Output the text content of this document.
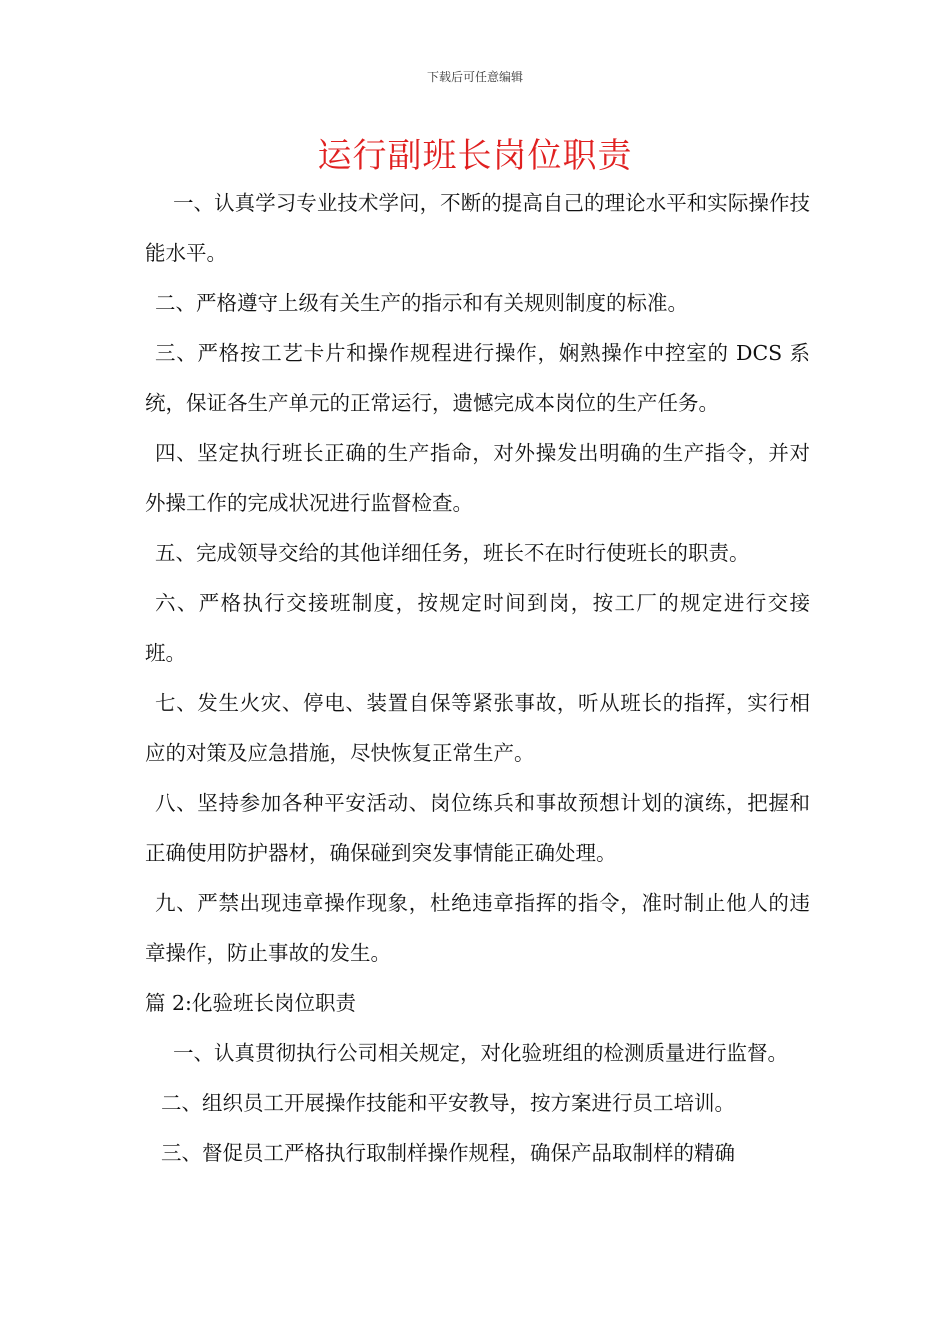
下载后可任意编辑
运行副班长岗位职责

一、认真学习专业技术学问，不断的提高自己的理论水平和实际操作技能水平。

二、严格遵守上级有关生产的指示和有关规则制度的标准。

三、严格按工艺卡片和操作规程进行操作，娴熟操作中控室的 DCS 系统，保证各生产单元的正常运行，遗憾完成本岗位的生产任务。

四、坚定执行班长正确的生产指命，对外操发出明确的生产指令，并对外操工作的完成状况进行监督检查。

五、完成领导交给的其他详细任务，班长不在时行使班长的职责。

六、严格执行交接班制度，按规定时间到岗，按工厂的规定进行交接班。

七、发生火灾、停电、装置自保等紧张事故，听从班长的指挥，实行相应的对策及应急措施，尽快恢复正常生产。

八、坚持参加各种平安活动、岗位练兵和事故预想计划的演练，把握和正确使用防护器材，确保碰到突发事情能正确处理。

九、严禁出现违章操作现象，杜绝违章指挥的指令，准时制止他人的违章操作，防止事故的发生。

篇 2:化验班长岗位职责

一、认真贯彻执行公司相关规定，对化验班组的检测质量进行监督。

二、组织员工开展操作技能和平安教导，按方案进行员工培训。

三、督促员工严格执行取制样操作规程，确保产品取制样的精确
